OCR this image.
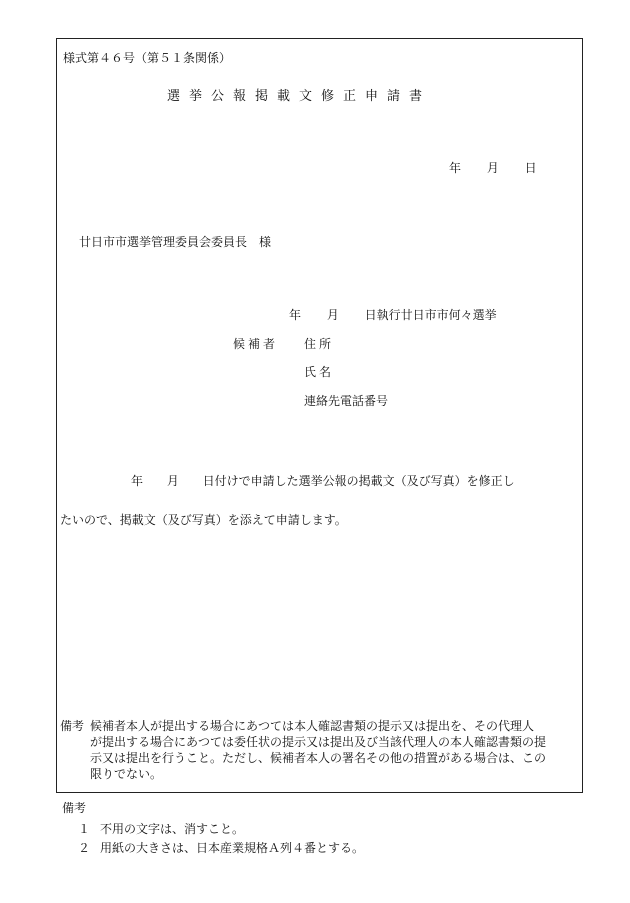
様式第４６号（第５１条関係）
選挙公報掲載文修正申請書
年 月 日
廿日市市選挙管理委員会委員長　様
年 月 日執行廿日市市何々選挙
候補者 住所
氏名
連絡先電話番号
年 月 日付けで申請した選挙公報の掲載文（及び写真）を修正し
たいので、掲載文（及び写真）を添えて申請します。
備考 候補者本人が提出する場合にあつては本人確認書類の提示又は提出を、その代理人
が提出する場合にあつては委任状の提示又は提出及び当該代理人の本人確認書類の提
示又は提出を行うこと。ただし、候補者本人の署名その他の措置がある場合は、この
限りでない。
備考
１ 不用の文字は、消すこと。
２ 用紙の大きさは、日本産業規格Ａ列４番とする。
